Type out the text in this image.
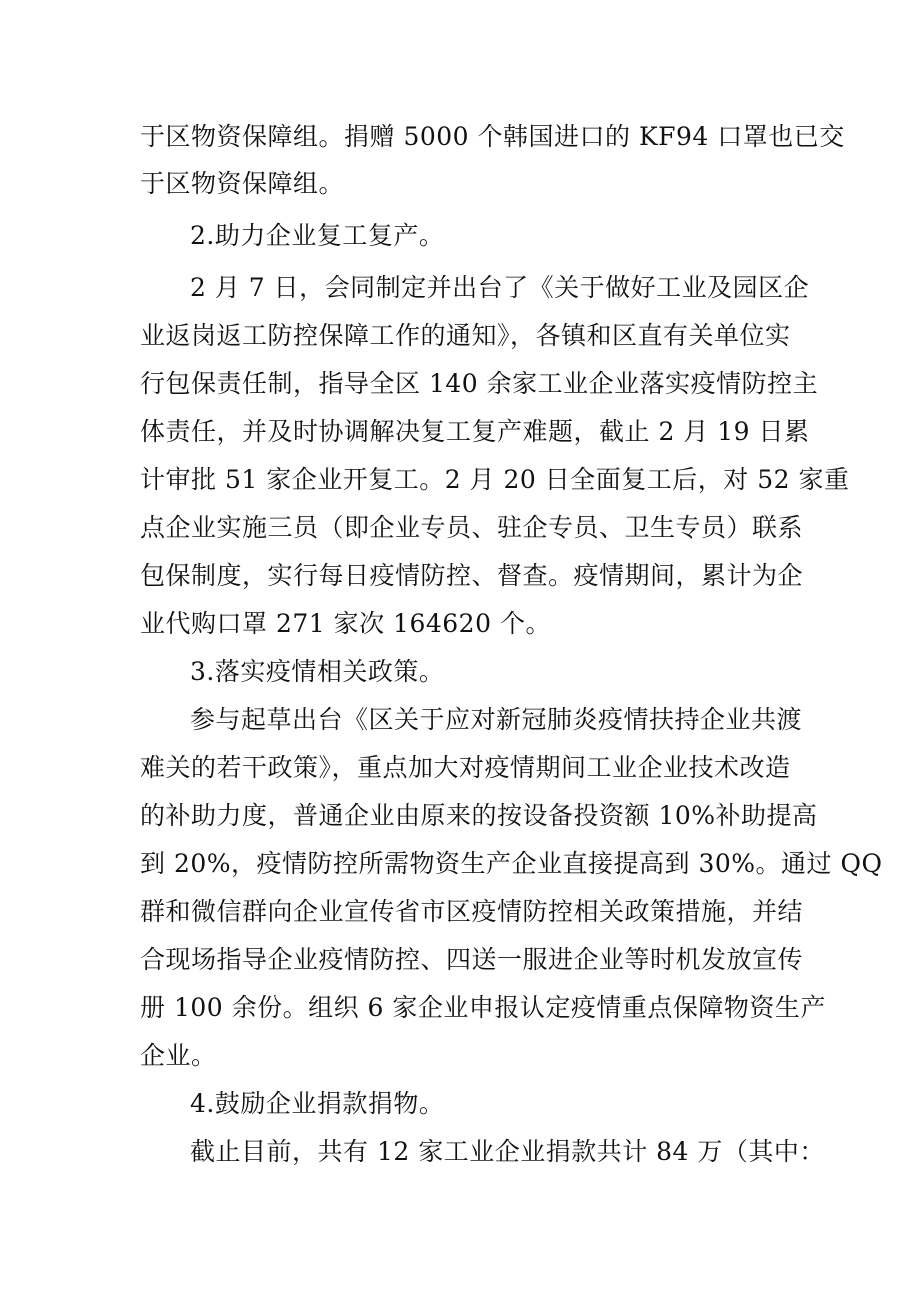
于区物资保障组。捐赠 5000 个韩国进口的 KF94 口罩也已交
于区物资保障组。
2.助力企业复工复产。
2 月 7 日，会同制定并出台了《关于做好工业及园区企
业返岗返工防控保障工作的通知》，各镇和区直有关单位实
行包保责任制，指导全区 140 余家工业企业落实疫情防控主
体责任，并及时协调解决复工复产难题，截止 2 月 19 日累
计审批 51 家企业开复工。2 月 20 日全面复工后，对 52 家重
点企业实施三员（即企业专员、驻企专员、卫生专员）联系
包保制度，实行每日疫情防控、督查。疫情期间，累计为企
业代购口罩 271 家次 164620 个。
3.落实疫情相关政策。
参与起草出台《区关于应对新冠肺炎疫情扶持企业共渡
难关的若干政策》，重点加大对疫情期间工业企业技术改造
的补助力度，普通企业由原来的按设备投资额 10%补助提高
到 20%，疫情防控所需物资生产企业直接提高到 30%。通过 QQ
群和微信群向企业宣传省市区疫情防控相关政策措施，并结
合现场指导企业疫情防控、四送一服进企业等时机发放宣传
册 100 余份。组织 6 家企业申报认定疫情重点保障物资生产
企业。
4.鼓励企业捐款捐物。
截止目前，共有 12 家工业企业捐款共计 84 万（其中：
